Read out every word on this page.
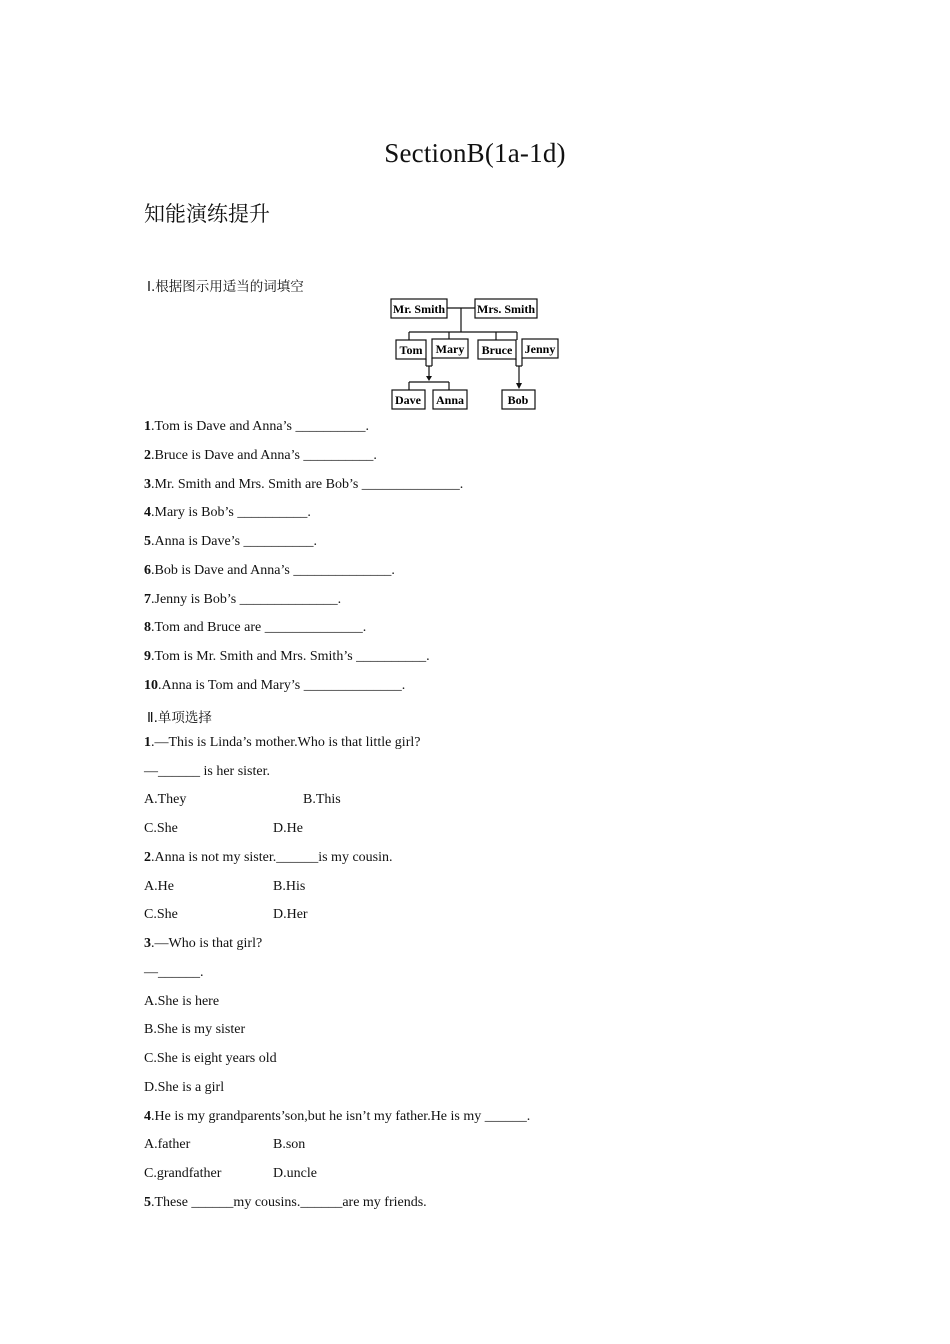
SectionB(1a-1d)
知能演练提升
Ⅰ.根据图示用适当的词填空
Mr. Smith	Mrs. Smith
Tom Mary Bruce Jenny
Dave Anna	Bob
1.Tom is Dave and Anna’s __________.
2.Bruce is Dave and Anna’s __________.
3.Mr. Smith and Mrs. Smith are Bob’s ______________.
4.Mary is Bob’s __________.
5.Anna is Dave’s __________.
6.Bob is Dave and Anna’s ______________.
7.Jenny is Bob’s ______________.
8.Tom and Bruce are ______________.
9.Tom is Mr. Smith and Mrs. Smith’s __________.
10.Anna is Tom and Mary’s ______________.
Ⅱ.单项选择
1.—This is Linda’s mother.Who is that little girl?
—______ is her sister.
A.They	B.This
C.She	D.He
2.Anna is not my sister.______is my cousin.
A.He	B.His
C.She	D.Her
3.—Who is that girl?
—______.
A.She is here
B.She is my sister
C.She is eight years old
D.She is a girl
4.He is my grandparents’son,but he isn’t my father.He is my ______.
A.father	B.son
C.grandfather	D.uncle
5.These ______my cousins.______are my friends.
